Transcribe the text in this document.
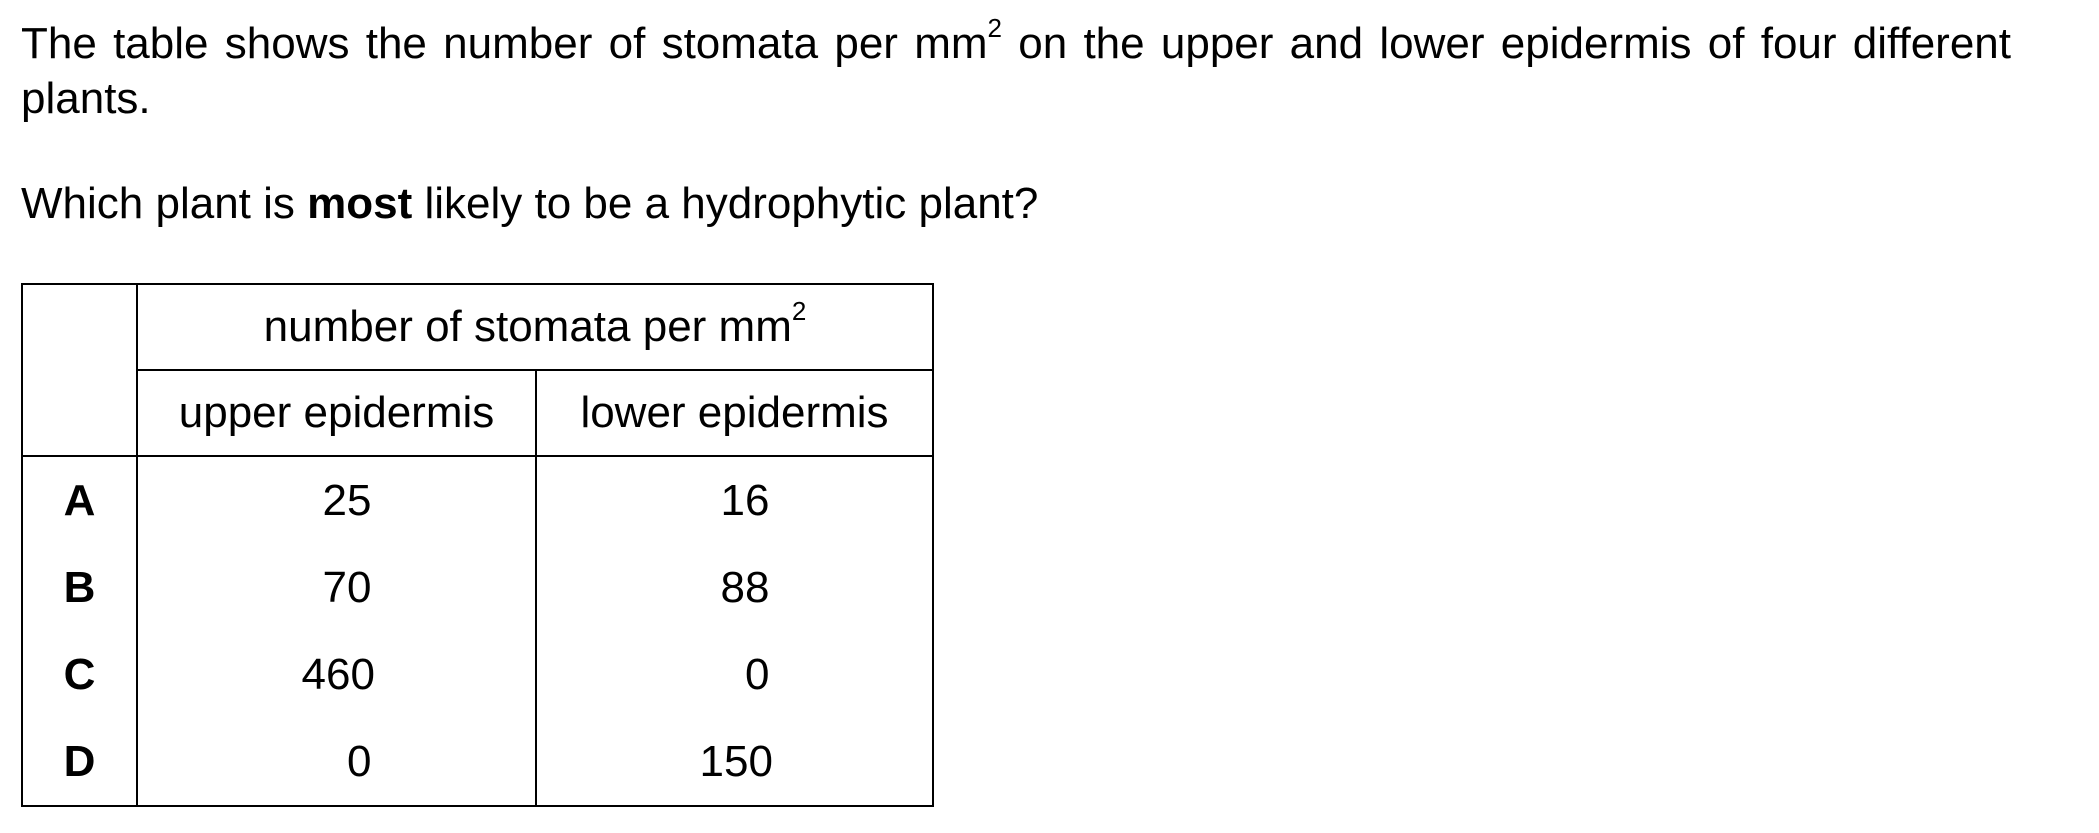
The table shows the number of stomata per $mm^2$ on the upper and lower epidermis of four different plants.

Which plant is most likely to be a hydrophytic plant?

	number of stomata per $mm^2$
	upper epidermis	lower epidermis
A	25	16
B	70	88
C	460	0
D	0	150
